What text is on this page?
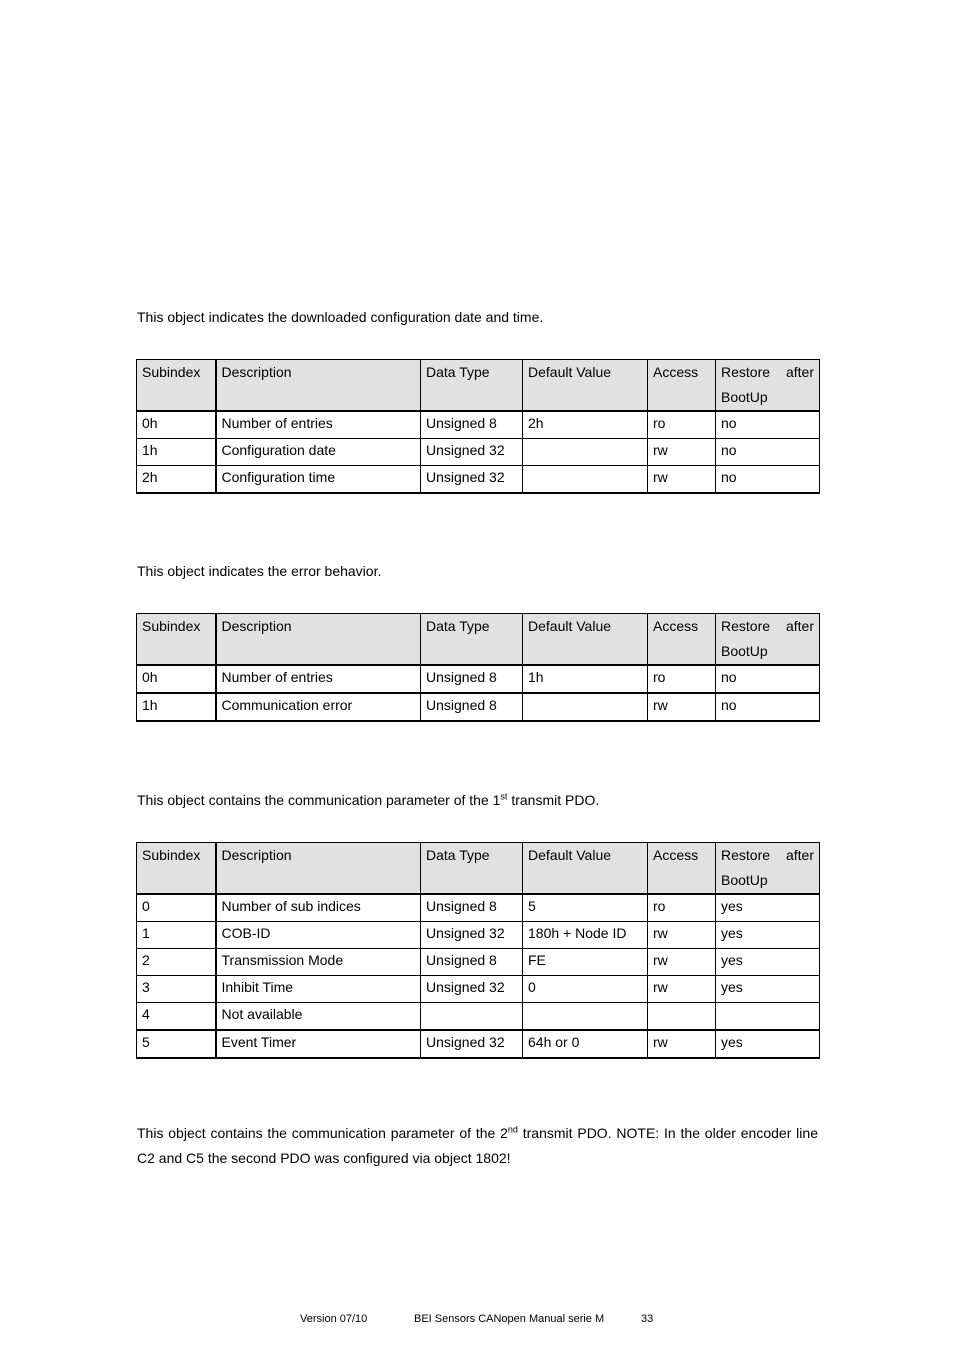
This object indicates the downloaded configuration date and time.

Subindex	Description	Data Type	Default Value	Access	Restore after
BootUp

0h	Number of entries	Unsigned 8	2h	ro	no
1h	Configuration date	Unsigned 32		rw	no
2h	Configuration time	Unsigned 32		rw	no

This object indicates the error behavior.

Subindex	Description	Data Type	Default Value	Access	Restore after
BootUp

0h	Number of entries	Unsigned 8	1h	ro	no
1h	Communication error	Unsigned 8		rw	no

This object contains the communication parameter of the 1st transmit PDO.

Subindex	Description	Data Type	Default Value	Access	Restore after
BootUp

0	Number of sub indices	Unsigned 8	5	ro	yes
1	COB-ID	Unsigned 32	180h + Node ID	rw	yes
2	Transmission Mode	Unsigned 8	FE	rw	yes
3	Inhibit Time	Unsigned 32	0	rw	yes
4	Not available				
5	Event Timer	Unsigned 32	64h or 0	rw	yes

This object contains the communication parameter of the 2nd transmit PDO. NOTE: In the older encoder line C2 and C5 the second PDO was configured via object 1802!

Version 07/10	BEI Sensors CANopen Manual serie M	33
